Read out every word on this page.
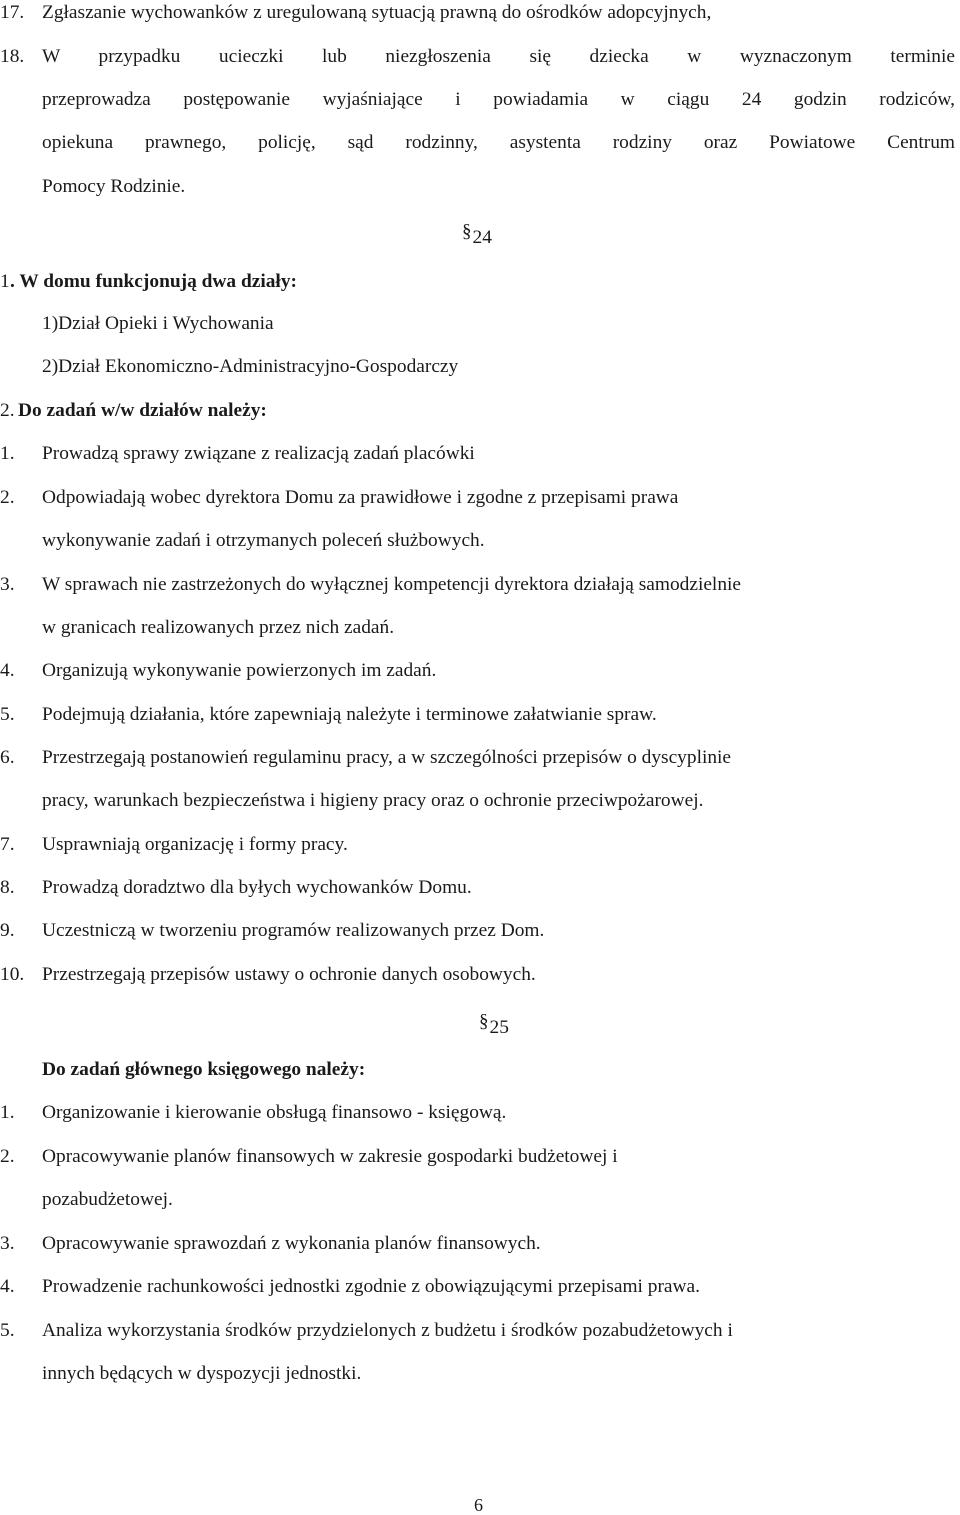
17. Zgłaszanie wychowanków z uregulowaną sytuacją prawną do ośrodków adopcyjnych,
18. W przypadku ucieczki lub niezgłoszenia się dziecka w wyznaczonym terminie
przeprowadza postępowanie wyjaśniające i powiadamia w ciągu 24 godzin rodziców,
opiekuna prawnego, policję, sąd rodzinny, asystenta rodziny oraz Powiatowe Centrum
Pomocy Rodzinie.
§24
1 . W domu funkcjonują dwa działy:
1)Dział Opieki i Wychowania
2)Dział Ekonomiczno-Administracyjno-Gospodarczy
2. Do zadań w/w działów należy:
1. Prowadzą sprawy związane z realizacją zadań placówki
2. Odpowiadają wobec dyrektora Domu za prawidłowe i zgodne z przepisami prawa
wykonywanie zadań i otrzymanych poleceń służbowych.
3. W sprawach nie zastrzeżonych do wyłącznej kompetencji dyrektora działają samodzielnie
w granicach realizowanych przez nich zadań.
4. Organizują wykonywanie powierzonych im zadań.
5. Podejmują działania, które zapewniają należyte i terminowe załatwianie spraw.
6. Przestrzegają postanowień regulaminu pracy, a w szczególności przepisów o dyscyplinie
pracy, warunkach bezpieczeństwa i higieny pracy oraz o ochronie przeciwpożarowej.
7. Usprawniają organizację i formy pracy.
8. Prowadzą doradztwo dla byłych wychowanków Domu.
9. Uczestniczą w tworzeniu programów realizowanych przez Dom.
10. Przestrzegają przepisów ustawy o ochronie danych osobowych.
§25
Do zadań głównego księgowego należy:
1. Organizowanie i kierowanie obsługą finansowo - księgową.
2. Opracowywanie planów finansowych w zakresie gospodarki budżetowej i
pozabudżetowej.
3. Opracowywanie sprawozdań z wykonania planów finansowych.
4. Prowadzenie rachunkowości jednostki zgodnie z obowiązującymi przepisami prawa.
5. Analiza wykorzystania środków przydzielonych z budżetu i środków pozabudżetowych i
innych będących w dyspozycji jednostki.
6
